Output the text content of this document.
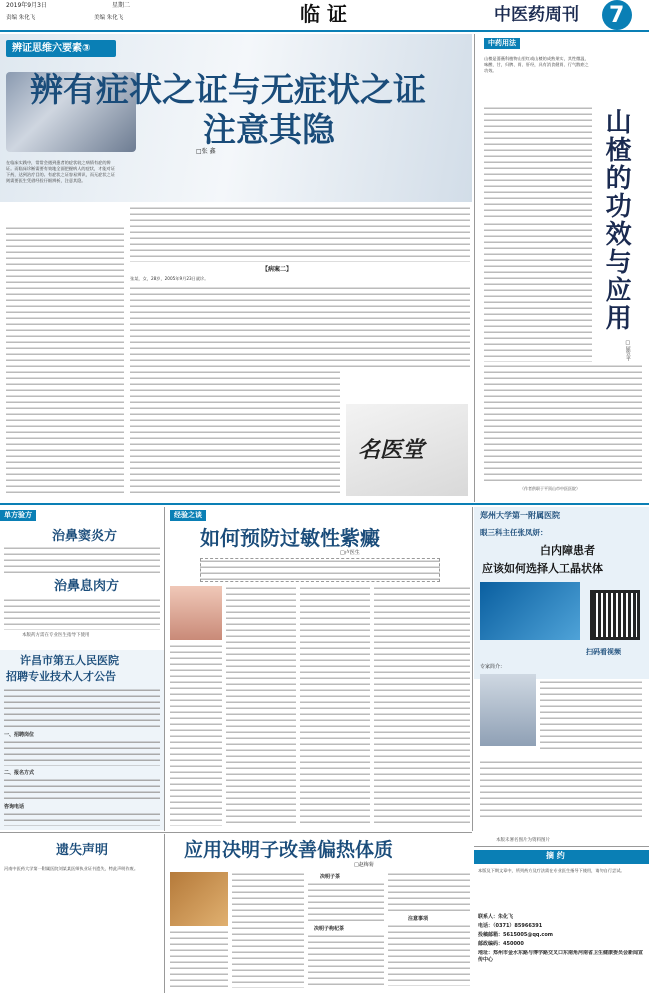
2019年9月3日	星期二
责编 朱化飞	美编 朱化飞	临 证	中医药周刊 7
辨证思维六要素③
辨有症状之证与无症状之证
注意其隐
□张 鑫
在临床实践中，常常会遇到患者的症状较之病情有症的辨证。而临床诊断需要有效地全面把握病人的症状，才能对证下药，达到治疗目的。有症状之证容易辨识，而无症状之证则需要医生凭借经验仔细辨析，注意其隐。
【病案二】
张某，女，28岁，2005年9月23日就诊。
名医堂
中药用法
山楂是蔷薇科植物山里红或山楂的成熟果实，其性微温，味酸、甘，归脾、胃、肝经，具有消食健胃、行气散瘀之功效。
山楂的功效与应用
□屈笠平
（作者供职于平顶山市中医医院）
郑州大学第一附属医院
眼三科主任张凤妍：
白内障患者
应该如何选择人工晶状体
扫码看视频
专家简介：
单方验方
治鼻窦炎方
治鼻息肉方
本版药方需在专业医生指导下使用
经验之谈
如何预防过敏性紫癜
□卢医生
许昌市第五人民医院
招聘专业技术人才公告
一、招聘岗位
二、报名方式
咨询电话
遗失声明
河南中医药大学第一附属医院刘某某医师执业证书遗失，特此声明作废。
应用决明子改善偏热体质
□赵梅菊
决明子茶
决明子枸杞茶
注意事项
本版未署名图片为资料图片
摘 约
本版及下期文章中，所列药方及疗法需在专业医生指导下使用，请勿自行尝试。
联系人：朱化飞
电话：（0371）85966391
投稿邮箱：5615005@qq.com
邮政编码：450000
地址：郑州市金水东路与博学路交叉口东南角河南省卫生健康委员会新闻宣传中心
